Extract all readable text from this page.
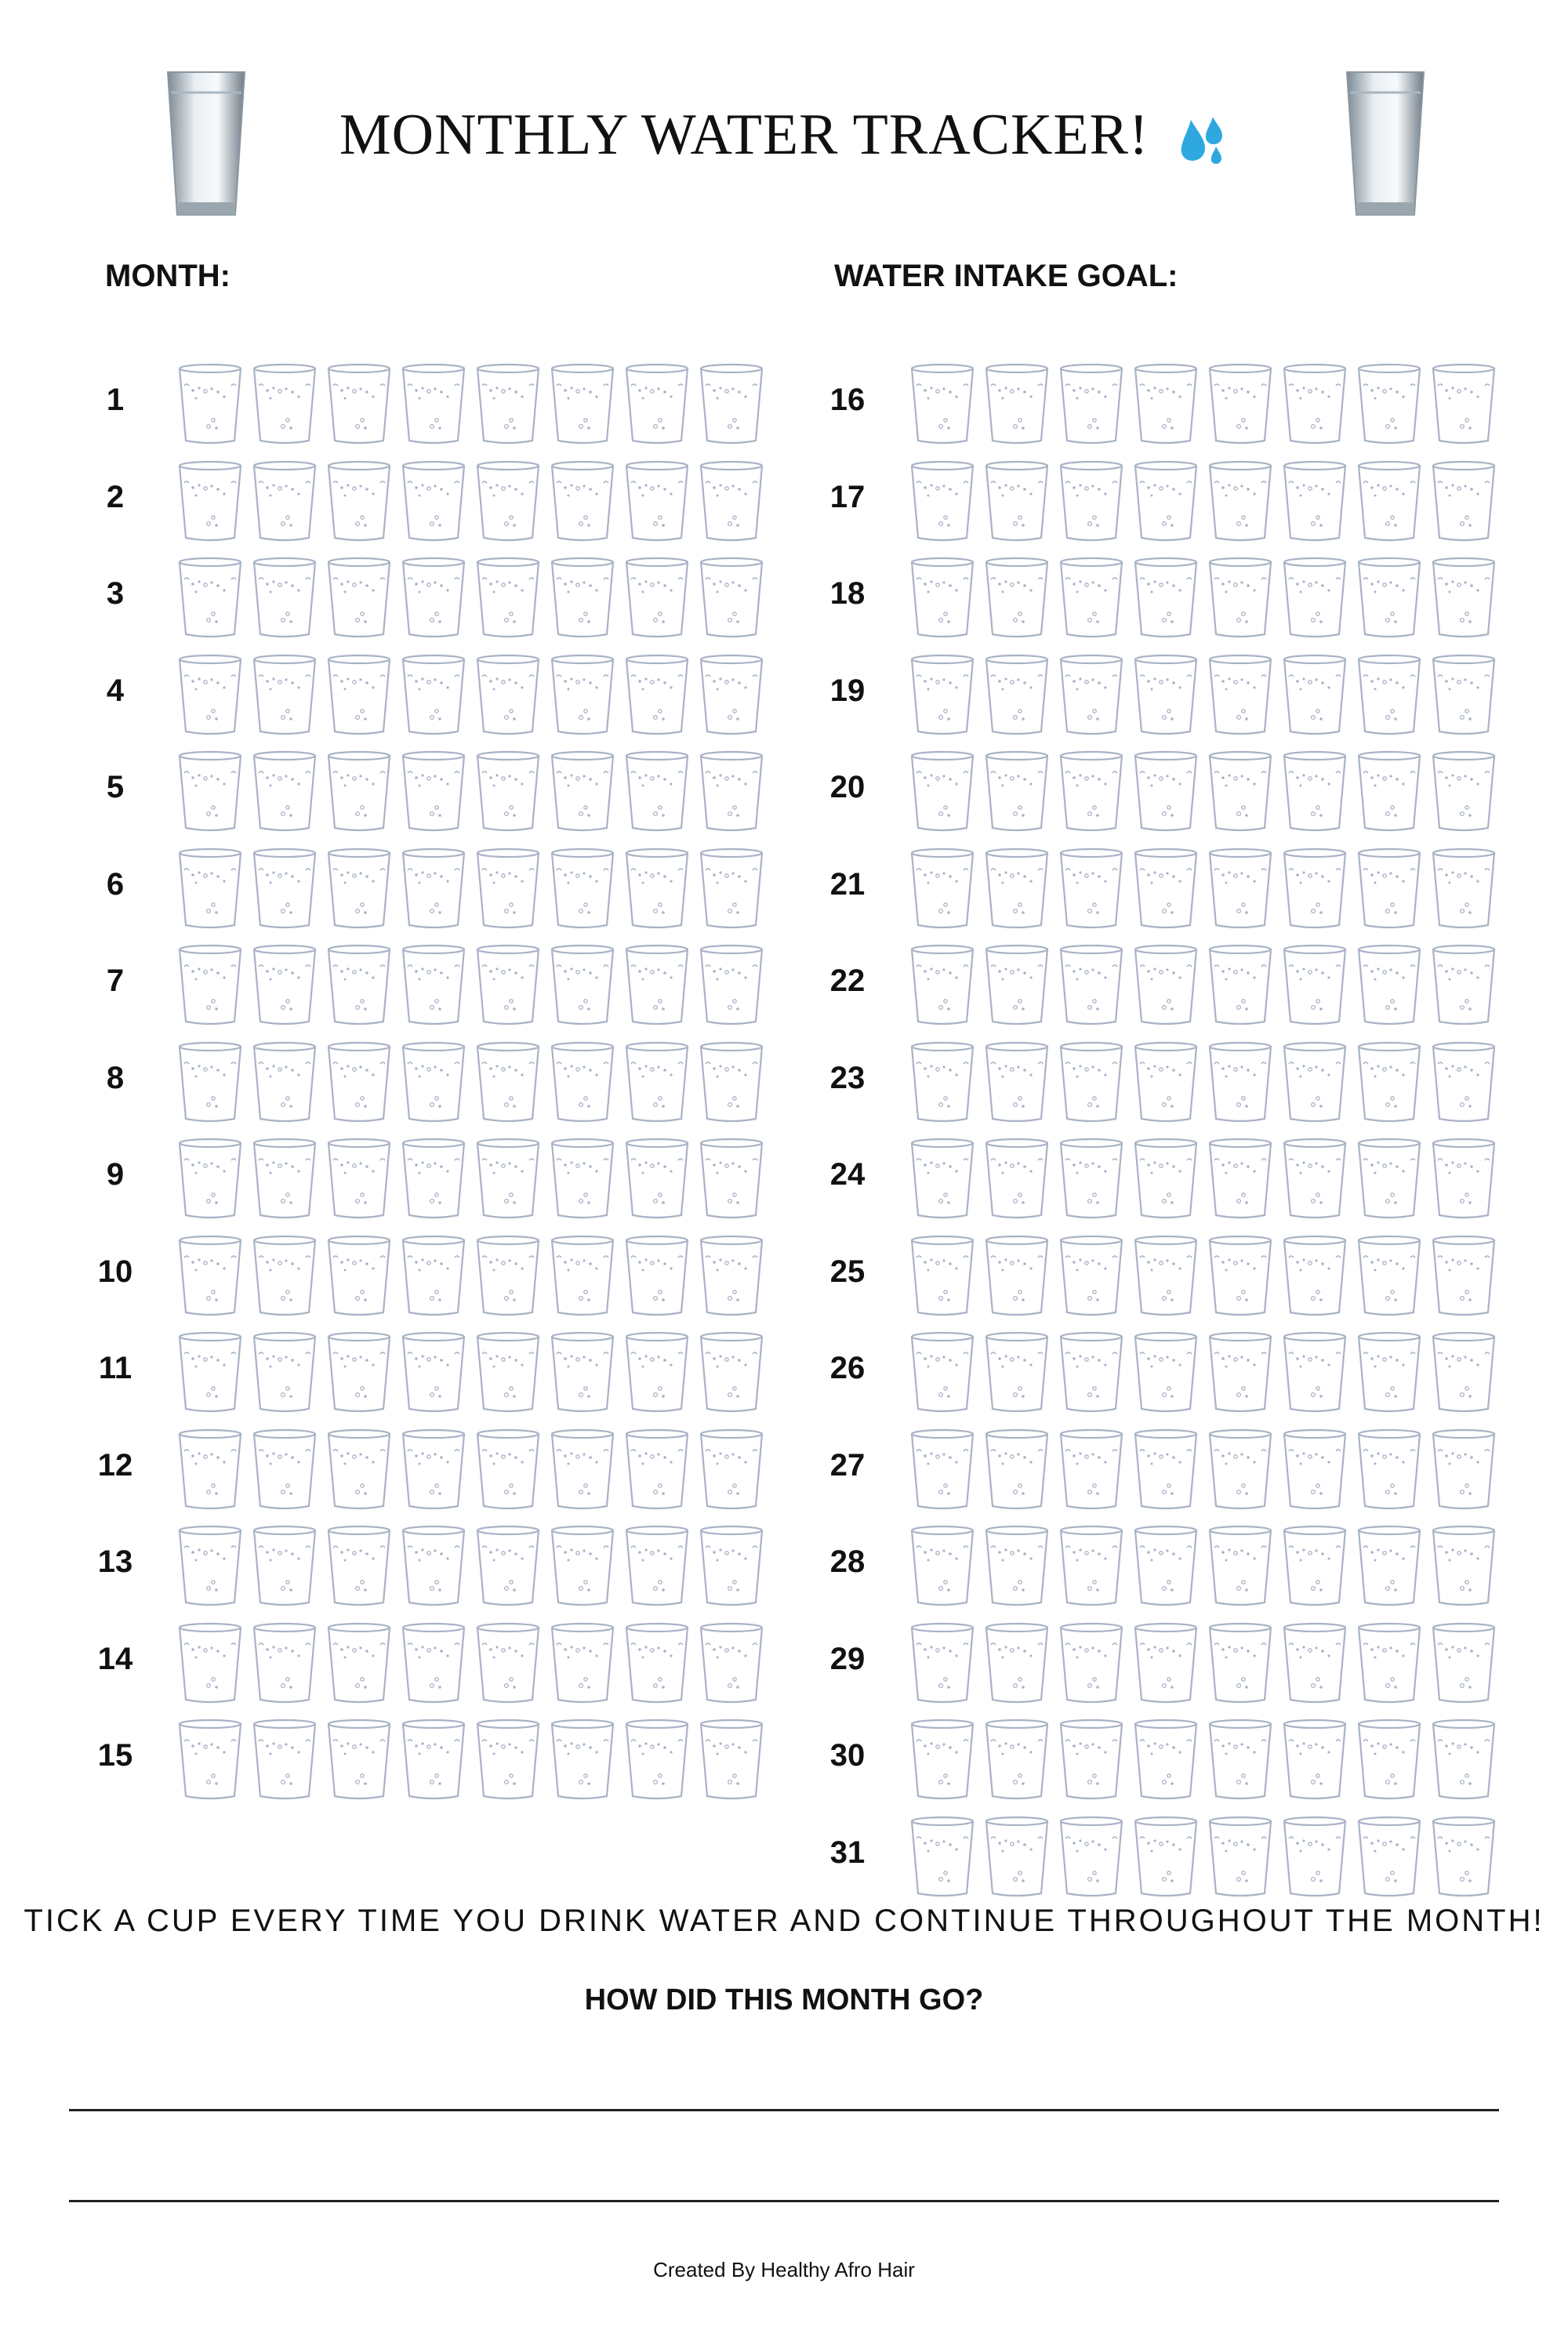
MONTHLY WATER TRACKER!
MONTH:	WATER INTAKE GOAL:
1
2
3
4
5
6
7
8
9
10
11
12
13
14
15
16
17
18
19
20
21
22
23
24
25
26
27
28
29
30
31
TICK A CUP EVERY TIME YOU DRINK WATER AND CONTINUE THROUGHOUT THE MONTH!
HOW DID THIS MONTH GO?
Created By Healthy Afro Hair
